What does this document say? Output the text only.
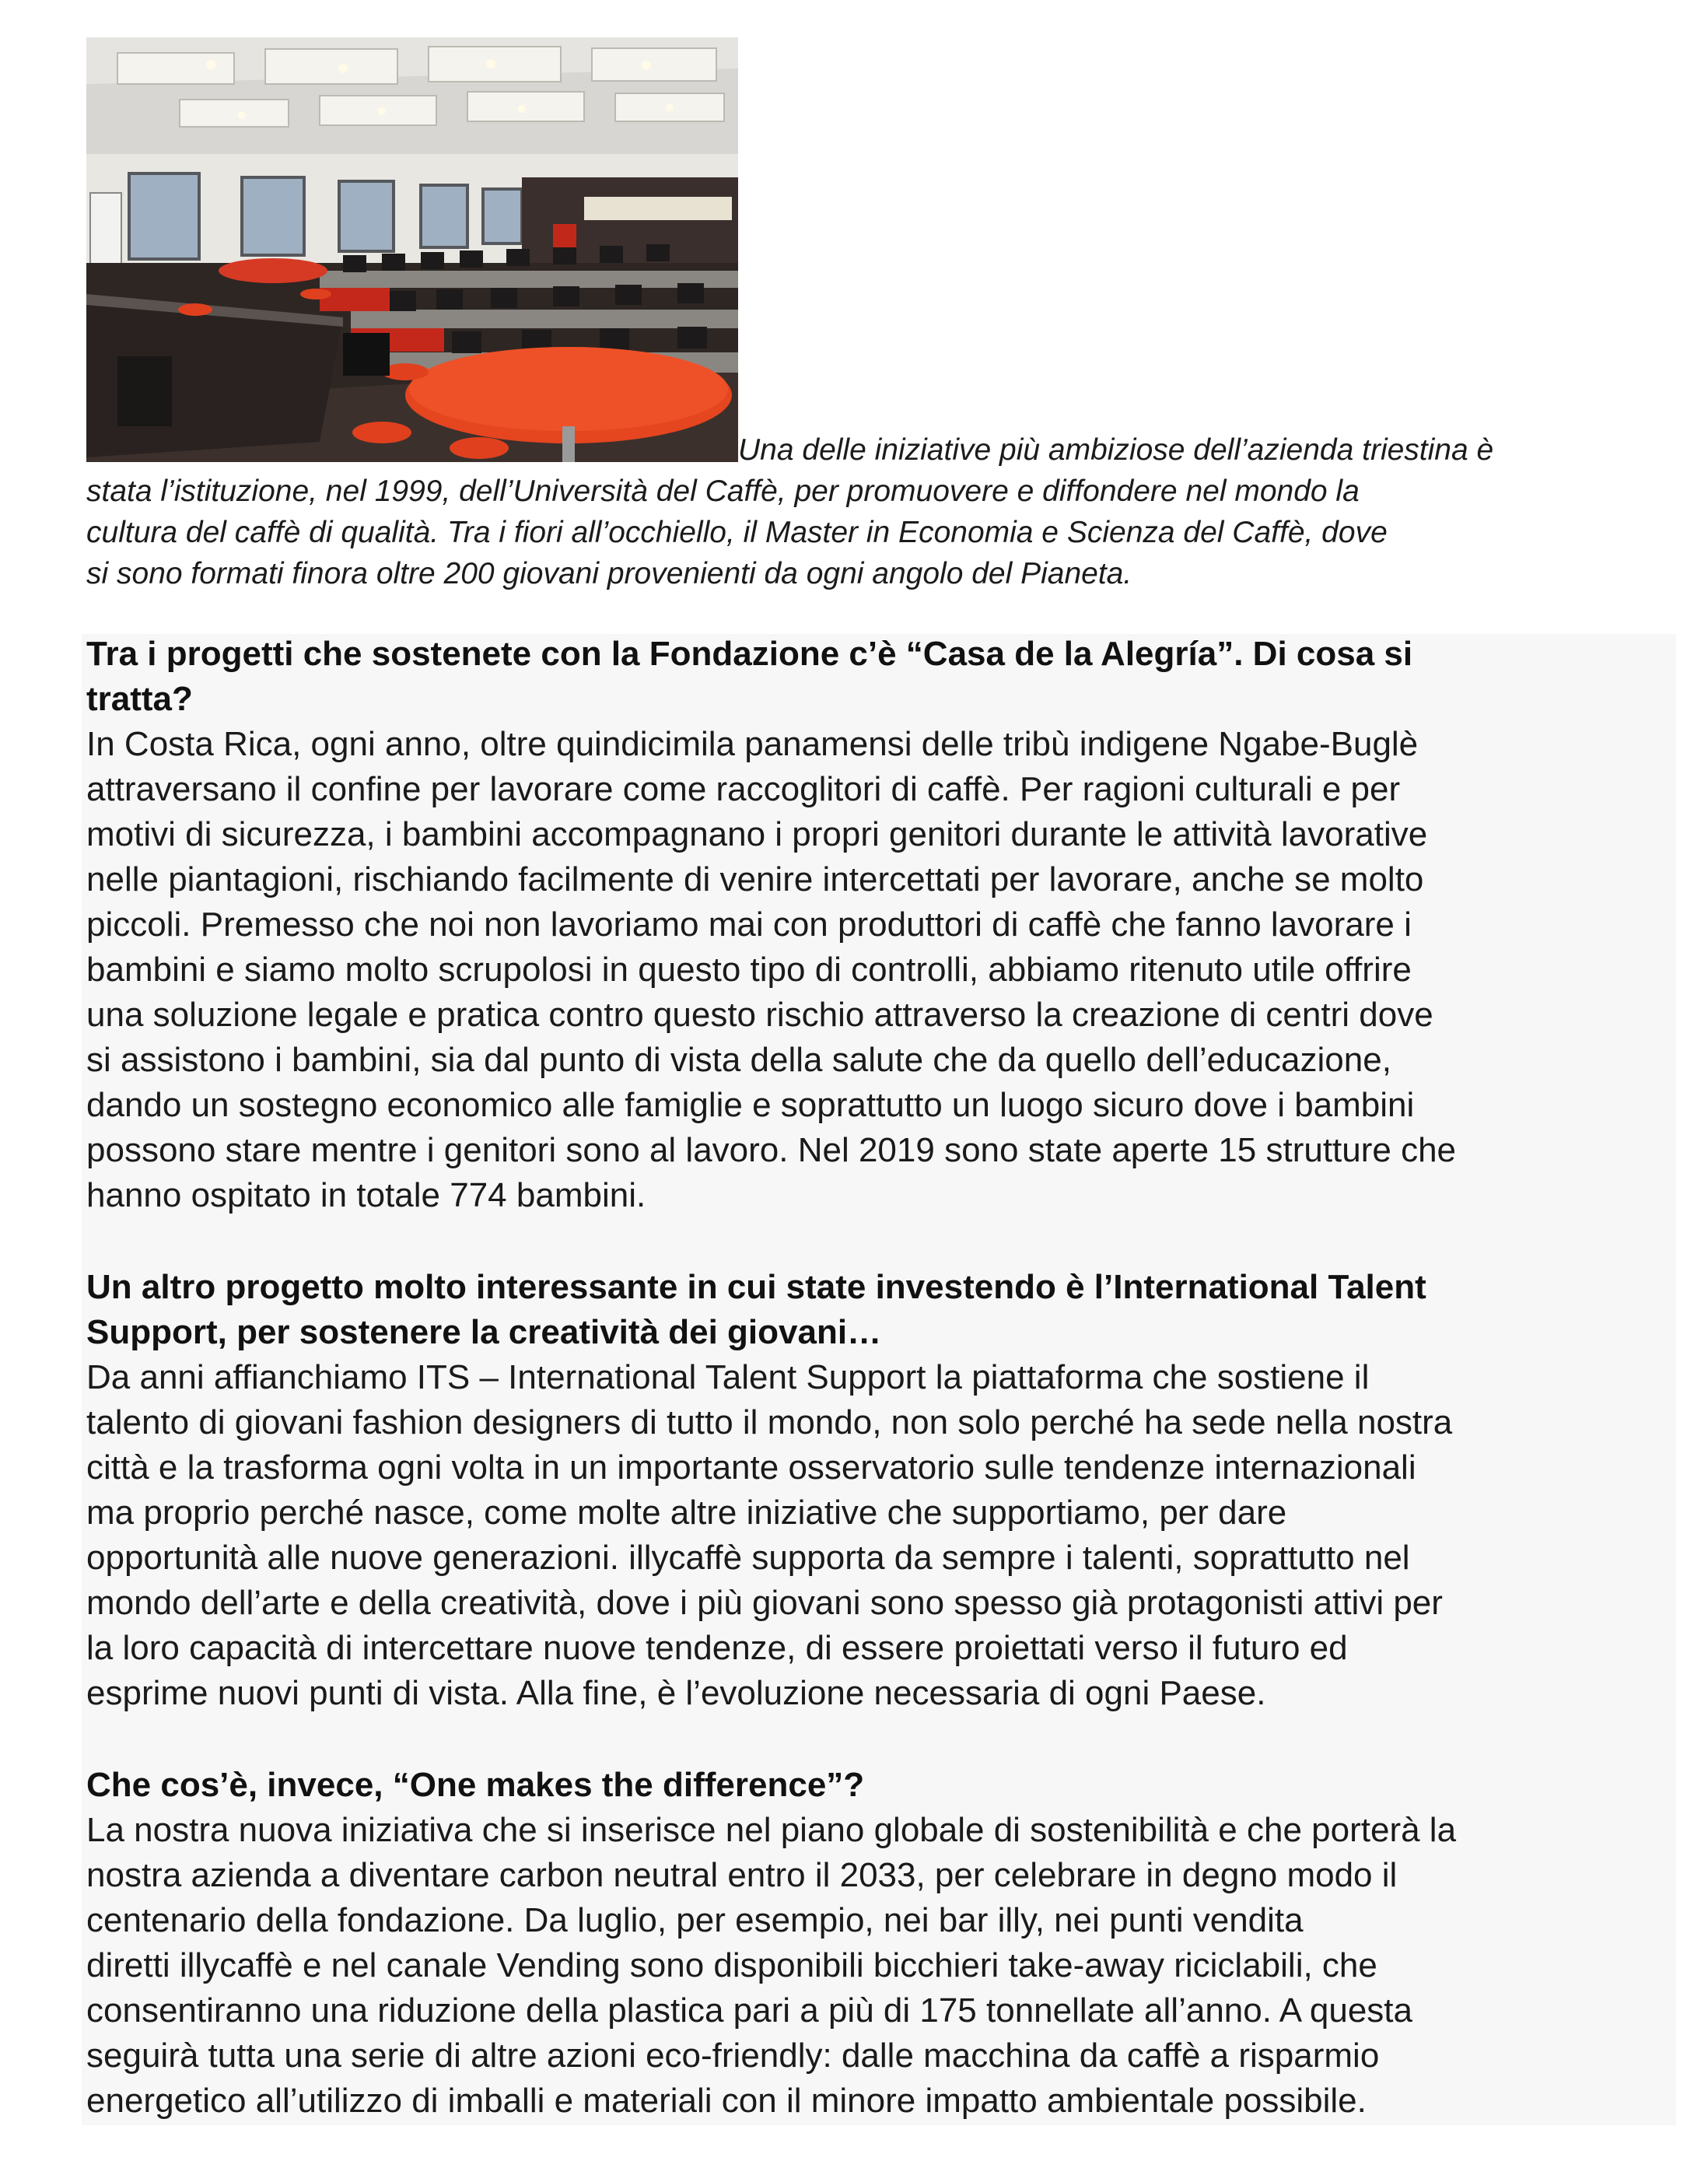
Una delle iniziative più ambiziose dell’azienda triestina è
stata l’istituzione, nel 1999, dell’Università del Caffè, per promuovere e diffondere nel mondo la
cultura del caffè di qualità. Tra i fiori all’occhiello, il Master in Economia e Scienza del Caffè, dove
si sono formati finora oltre 200 giovani provenienti da ogni angolo del Pianeta.
Tra i progetti che sostenete con la Fondazione c’è “Casa de la Alegría”. Di cosa si
tratta?
In Costa Rica, ogni anno, oltre quindicimila panamensi delle tribù indigene Ngabe-Buglè
attraversano il confine per lavorare come raccoglitori di caffè. Per ragioni culturali e per
motivi di sicurezza, i bambini accompagnano i propri genitori durante le attività lavorative
nelle piantagioni, rischiando facilmente di venire intercettati per lavorare, anche se molto
piccoli. Premesso che noi non lavoriamo mai con produttori di caffè che fanno lavorare i
bambini e siamo molto scrupolosi in questo tipo di controlli, abbiamo ritenuto utile offrire
una soluzione legale e pratica contro questo rischio attraverso la creazione di centri dove
si assistono i bambini, sia dal punto di vista della salute che da quello dell’educazione,
dando un sostegno economico alle famiglie e soprattutto un luogo sicuro dove i bambini
possono stare mentre i genitori sono al lavoro. Nel 2019 sono state aperte 15 strutture che
hanno ospitato in totale 774 bambini.
Un altro progetto molto interessante in cui state investendo è l’International Talent
Support, per sostenere la creatività dei giovani…
Da anni affianchiamo ITS – International Talent Support la piattaforma che sostiene il
talento di giovani fashion designers di tutto il mondo, non solo perché ha sede nella nostra
città e la trasforma ogni volta in un importante osservatorio sulle tendenze internazionali
ma proprio perché nasce, come molte altre iniziative che supportiamo, per dare
opportunità alle nuove generazioni. illycaffè supporta da sempre i talenti, soprattutto nel
mondo dell’arte e della creatività, dove i più giovani sono spesso già protagonisti attivi per
la loro capacità di intercettare nuove tendenze, di essere proiettati verso il futuro ed
esprime nuovi punti di vista. Alla fine, è l’evoluzione necessaria di ogni Paese.
Che cos’è, invece, “One makes the difference”?
La nostra nuova iniziativa che si inserisce nel piano globale di sostenibilità e che porterà la
nostra azienda a diventare carbon neutral entro il 2033, per celebrare in degno modo il
centenario della fondazione. Da luglio, per esempio, nei bar illy, nei punti vendita
diretti illycaffè e nel canale Vending sono disponibili bicchieri take-away riciclabili, che
consentiranno una riduzione della plastica pari a più di 175 tonnellate all’anno. A questa
seguirà tutta una serie di altre azioni eco-friendly: dalle macchina da caffè a risparmio
energetico all’utilizzo di imballi e materiali con il minore impatto ambientale possibile.
